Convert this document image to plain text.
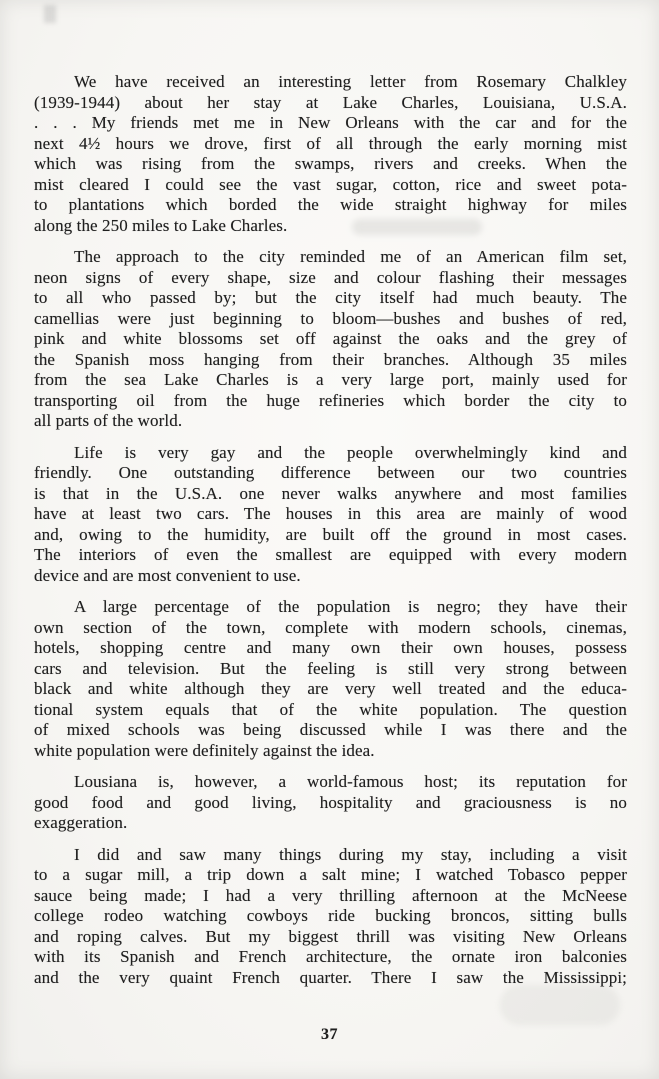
We have received an interesting letter from Rosemary Chalkley
(1939-1944) about her stay at Lake Charles, Louisiana, U.S.A.
. . . My friends met me in New Orleans with the car and for the
next 4½ hours we drove, first of all through the early morning mist
which was rising from the swamps, rivers and creeks. When the
mist cleared I could see the vast sugar, cotton, rice and sweet pota-
to plantations which borded the wide straight highway for miles
along the 250 miles to Lake Charles.

The approach to the city reminded me of an American film set,
neon signs of every shape, size and colour flashing their messages
to all who passed by; but the city itself had much beauty. The
camellias were just beginning to bloom—bushes and bushes of red,
pink and white blossoms set off against the oaks and the grey of
the Spanish moss hanging from their branches. Although 35 miles
from the sea Lake Charles is a very large port, mainly used for
transporting oil from the huge refineries which border the city to
all parts of the world.

Life is very gay and the people overwhelmingly kind and
friendly. One outstanding difference between our two countries
is that in the U.S.A. one never walks anywhere and most families
have at least two cars. The houses in this area are mainly of wood
and, owing to the humidity, are built off the ground in most cases.
The interiors of even the smallest are equipped with every modern
device and are most convenient to use.

A large percentage of the population is negro; they have their
own section of the town, complete with modern schools, cinemas,
hotels, shopping centre and many own their own houses, possess
cars and television. But the feeling is still very strong between
black and white although they are very well treated and the educa-
tional system equals that of the white population. The question
of mixed schools was being discussed while I was there and the
white population were definitely against the idea.

Lousiana is, however, a world-famous host; its reputation for
good food and good living, hospitality and graciousness is no
exaggeration.

I did and saw many things during my stay, including a visit
to a sugar mill, a trip down a salt mine; I watched Tobasco pepper
sauce being made; I had a very thrilling afternoon at the McNeese
college rodeo watching cowboys ride bucking broncos, sitting bulls
and roping calves. But my biggest thrill was visiting New Orleans
with its Spanish and French architecture, the ornate iron balconies
and the very quaint French quarter. There I saw the Mississippi;

37
